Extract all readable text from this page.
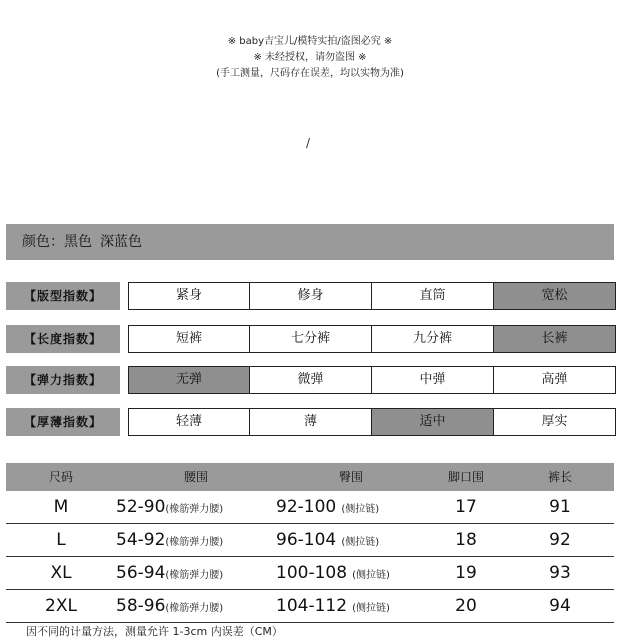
※ baby吉宝儿/模特实拍/盗图必究 ※
※ 未经授权，请勿盗图 ※
(手工测量，尺码存在误差，均以实物为准)
/
颜色：黑色 深蓝色
【版型指数】	紧身	修身	直筒	宽松
【长度指数】	短裤	七分裤	九分裤	长裤
【弹力指数】	无弹	微弹	中弹	高弹
【厚薄指数】	轻薄	薄	适中	厚实
尺码	腰围	臀围	脚口围	裤长
M	52-90(橡筋弹力腰)	92-100 (侧拉链)	17	91
L	54-92(橡筋弹力腰)	96-104 (侧拉链)	18	92
XL	56-94(橡筋弹力腰)	100-108 (侧拉链)	19	93
2XL	58-96(橡筋弹力腰)	104-112 (侧拉链)	20	94
因不同的计量方法，测量允许 1-3cm 内误差（CM）
